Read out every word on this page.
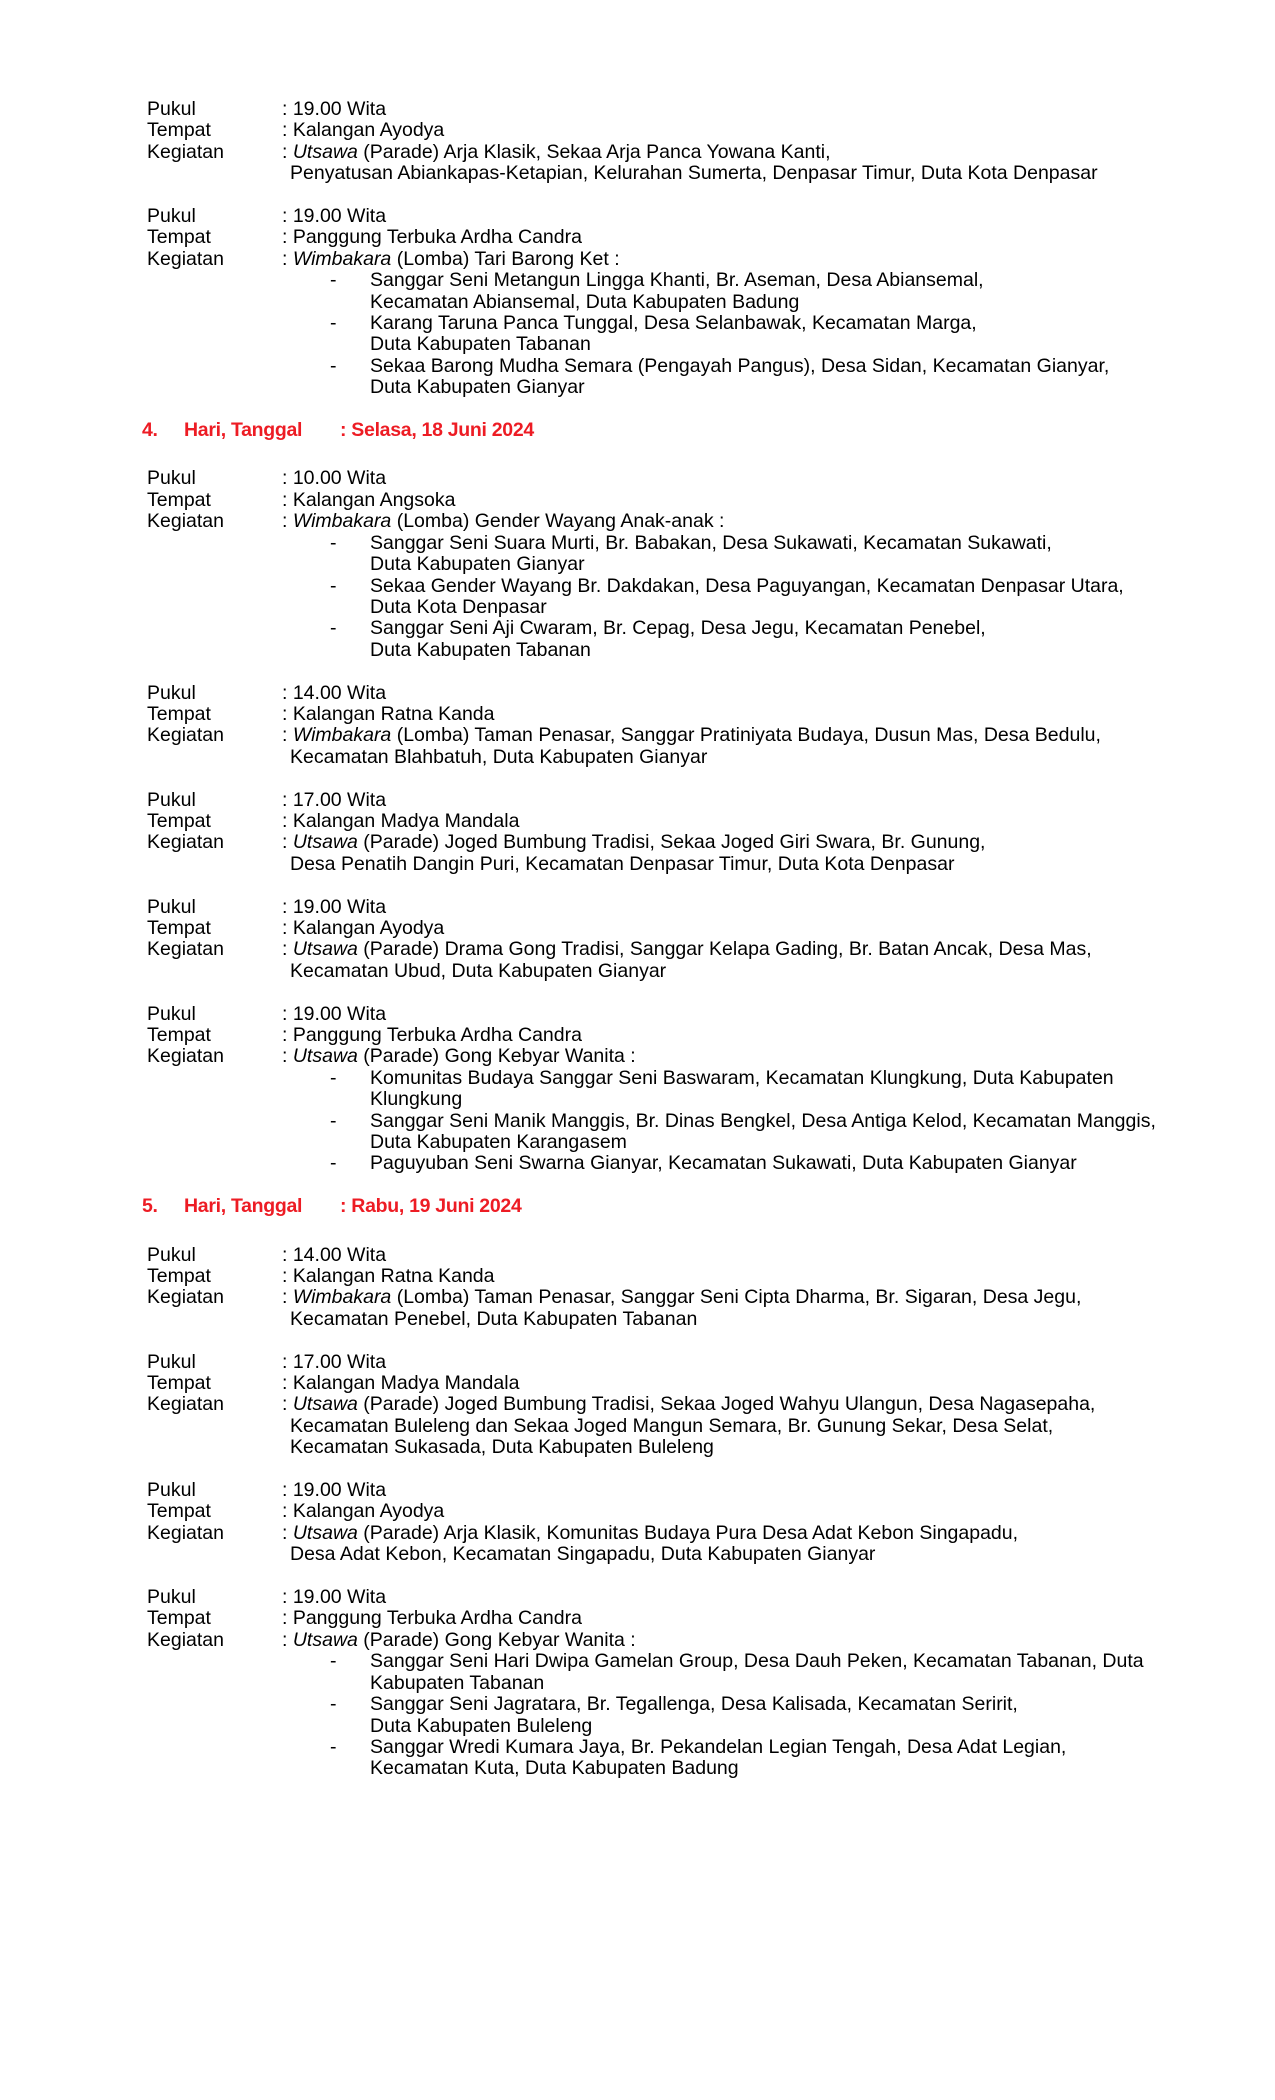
Pukul	: 19.00 Wita
Tempat	: Kalangan Ayodya
Kegiatan	: Utsawa (Parade) Arja Klasik, Sekaa Arja Panca Yowana Kanti,
Penyatusan Abiankapas-Ketapian, Kelurahan Sumerta, Denpasar Timur, Duta Kota Denpasar
Pukul	: 19.00 Wita
Tempat	: Panggung Terbuka Ardha Candra
Kegiatan	: Wimbakara (Lomba) Tari Barong Ket :
- Sanggar Seni Metangun Lingga Khanti, Br. Aseman, Desa Abiansemal,
Kecamatan Abiansemal, Duta Kabupaten Badung
- Karang Taruna Panca Tunggal, Desa Selanbawak, Kecamatan Marga,
Duta Kabupaten Tabanan
- Sekaa Barong Mudha Semara (Pengayah Pangus), Desa Sidan, Kecamatan Gianyar,
Duta Kabupaten Gianyar
4.	Hari, Tanggal	: Selasa, 18 Juni 2024
Pukul	: 10.00 Wita
Tempat	: Kalangan Angsoka
Kegiatan	: Wimbakara (Lomba) Gender Wayang Anak-anak :
- Sanggar Seni Suara Murti, Br. Babakan, Desa Sukawati, Kecamatan Sukawati,
Duta Kabupaten Gianyar
- Sekaa Gender Wayang Br. Dakdakan, Desa Paguyangan, Kecamatan Denpasar Utara,
Duta Kota Denpasar
- Sanggar Seni Aji Cwaram, Br. Cepag, Desa Jegu, Kecamatan Penebel,
Duta Kabupaten Tabanan
Pukul	: 14.00 Wita
Tempat	: Kalangan Ratna Kanda
Kegiatan	: Wimbakara (Lomba) Taman Penasar, Sanggar Pratiniyata Budaya, Dusun Mas, Desa Bedulu,
Kecamatan Blahbatuh, Duta Kabupaten Gianyar
Pukul	: 17.00 Wita
Tempat	: Kalangan Madya Mandala
Kegiatan	: Utsawa (Parade) Joged Bumbung Tradisi, Sekaa Joged Giri Swara, Br. Gunung,
Desa Penatih Dangin Puri, Kecamatan Denpasar Timur, Duta Kota Denpasar
Pukul	: 19.00 Wita
Tempat	: Kalangan Ayodya
Kegiatan	: Utsawa (Parade) Drama Gong Tradisi, Sanggar Kelapa Gading, Br. Batan Ancak, Desa Mas,
Kecamatan Ubud, Duta Kabupaten Gianyar
Pukul	: 19.00 Wita
Tempat	: Panggung Terbuka Ardha Candra
Kegiatan	: Utsawa (Parade) Gong Kebyar Wanita :
- Komunitas Budaya Sanggar Seni Baswaram, Kecamatan Klungkung, Duta Kabupaten
Klungkung
- Sanggar Seni Manik Manggis, Br. Dinas Bengkel, Desa Antiga Kelod, Kecamatan Manggis,
Duta Kabupaten Karangasem
- Paguyuban Seni Swarna Gianyar, Kecamatan Sukawati, Duta Kabupaten Gianyar
5.	Hari, Tanggal	: Rabu, 19 Juni 2024
Pukul	: 14.00 Wita
Tempat	: Kalangan Ratna Kanda
Kegiatan	: Wimbakara (Lomba) Taman Penasar, Sanggar Seni Cipta Dharma, Br. Sigaran, Desa Jegu,
Kecamatan Penebel, Duta Kabupaten Tabanan
Pukul	: 17.00 Wita
Tempat	: Kalangan Madya Mandala
Kegiatan	: Utsawa (Parade) Joged Bumbung Tradisi, Sekaa Joged Wahyu Ulangun, Desa Nagasepaha,
Kecamatan Buleleng dan Sekaa Joged Mangun Semara, Br. Gunung Sekar, Desa Selat,
Kecamatan Sukasada, Duta Kabupaten Buleleng
Pukul	: 19.00 Wita
Tempat	: Kalangan Ayodya
Kegiatan	: Utsawa (Parade) Arja Klasik, Komunitas Budaya Pura Desa Adat Kebon Singapadu,
Desa Adat Kebon, Kecamatan Singapadu, Duta Kabupaten Gianyar
Pukul	: 19.00 Wita
Tempat	: Panggung Terbuka Ardha Candra
Kegiatan	: Utsawa (Parade) Gong Kebyar Wanita :
- Sanggar Seni Hari Dwipa Gamelan Group, Desa Dauh Peken, Kecamatan Tabanan, Duta
Kabupaten Tabanan
- Sanggar Seni Jagratara, Br. Tegallenga, Desa Kalisada, Kecamatan Seririt,
Duta Kabupaten Buleleng
- Sanggar Wredi Kumara Jaya, Br. Pekandelan Legian Tengah, Desa Adat Legian,
Kecamatan Kuta, Duta Kabupaten Badung
